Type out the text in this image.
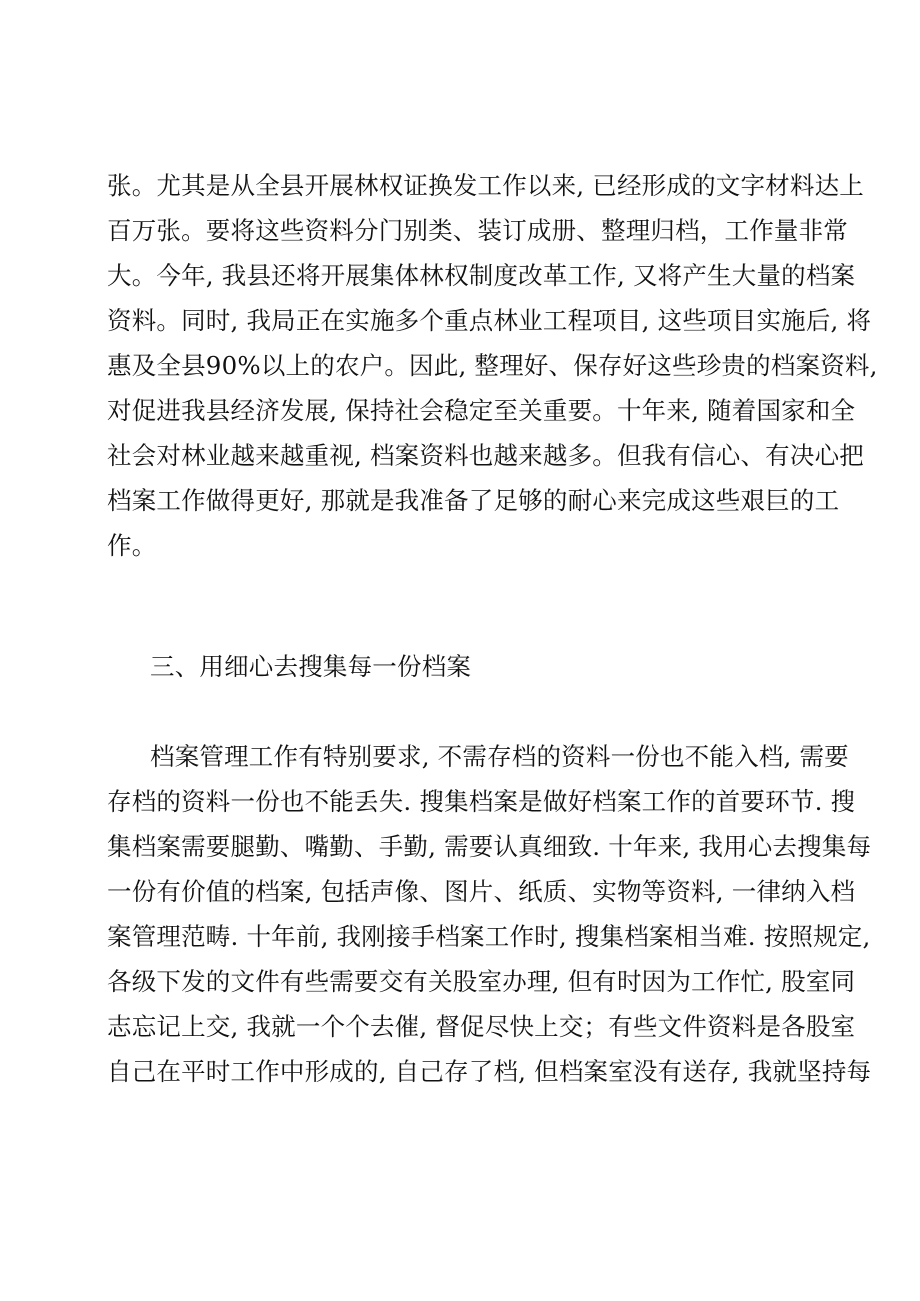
张。尤其是从全县开展林权证换发工作以来, 已经形成的文字材料达上
百万张。要将这些资料分门别类、装订成册、整理归档，工作量非常
大。今年, 我县还将开展集体林权制度改革工作, 又将产生大量的档案
资料。同时, 我局正在实施多个重点林业工程项目, 这些项目实施后, 将
惠及全县90%以上的农户。因此, 整理好、保存好这些珍贵的档案资料,
对促进我县经济发展, 保持社会稳定至关重要。十年来, 随着国家和全
社会对林业越来越重视, 档案资料也越来越多。但我有信心、有决心把
档案工作做得更好, 那就是我准备了足够的耐心来完成这些艰巨的工
作。
三、用细心去搜集每一份档案
档案管理工作有特别要求, 不需存档的资料一份也不能入档, 需要
存档的资料一份也不能丢失. 搜集档案是做好档案工作的首要环节. 搜
集档案需要腿勤、嘴勤、手勤, 需要认真细致. 十年来, 我用心去搜集每
一份有价值的档案, 包括声像、图片、纸质、实物等资料, 一律纳入档
案管理范畴. 十年前, 我刚接手档案工作时, 搜集档案相当难. 按照规定,
各级下发的文件有些需要交有关股室办理, 但有时因为工作忙, 股室同
志忘记上交, 我就一个个去催, 督促尽快上交；有些文件资料是各股室
自己在平时工作中形成的, 自己存了档, 但档案室没有送存, 我就坚持每
